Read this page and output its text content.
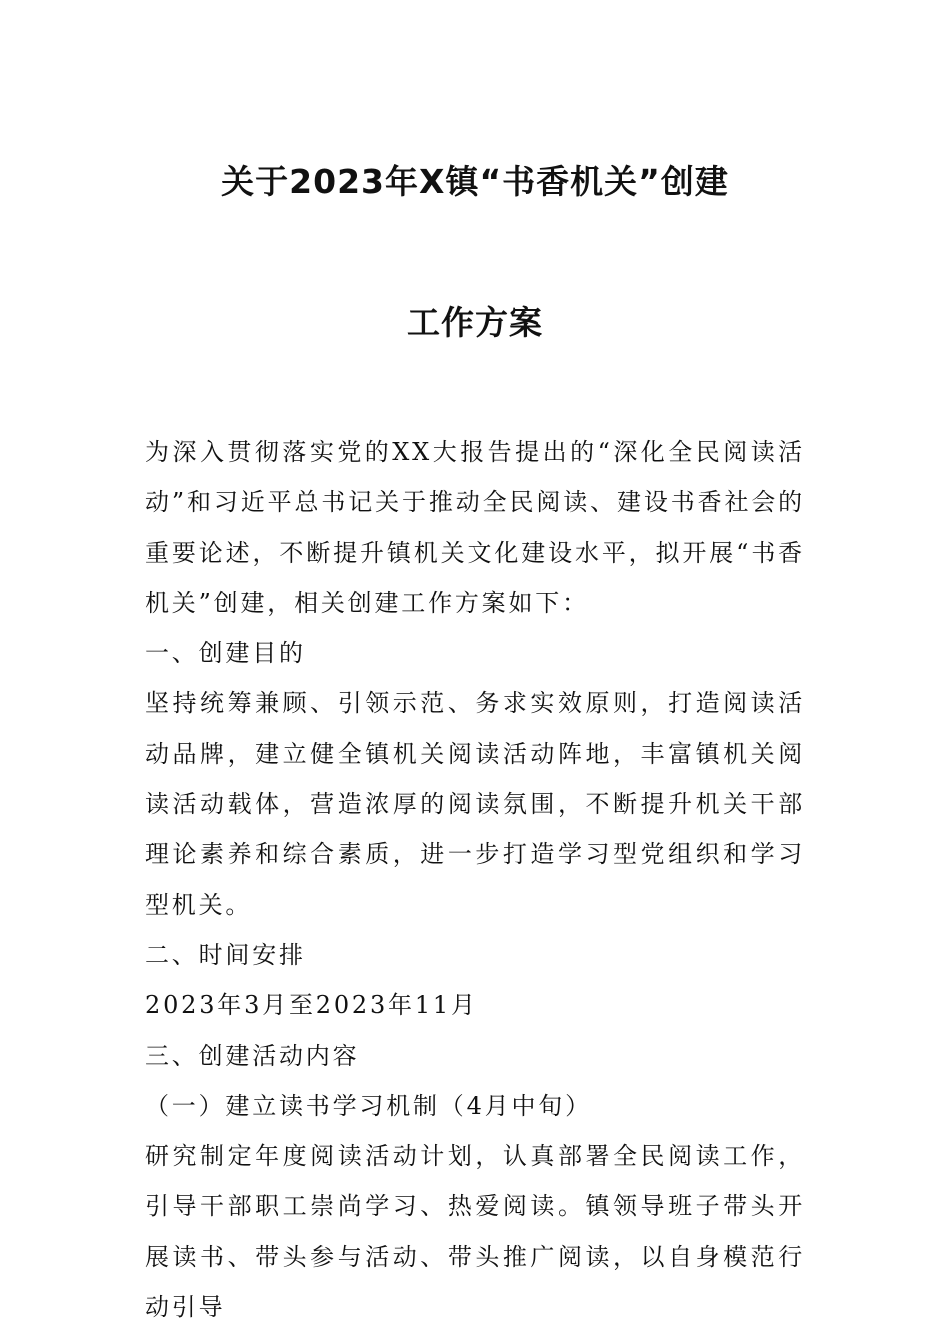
关于2023年X镇“书香机关”创建
工作方案

为深入贯彻落实党的XX大报告提出的“深化全民阅读活动”和习近平总书记关于推动全民阅读、建设书香社会的重要论述，不断提升镇机关文化建设水平，拟开展“书香机关”创建，相关创建工作方案如下：

一、创建目的

坚持统筹兼顾、引领示范、务求实效原则，打造阅读活动品牌，建立健全镇机关阅读活动阵地，丰富镇机关阅读活动载体，营造浓厚的阅读氛围，不断提升机关干部理论素养和综合素质，进一步打造学习型党组织和学习型机关。

二、时间安排

2023年3月至2023年11月

三、创建活动内容

（一）建立读书学习机制（4月中旬）

研究制定年度阅读活动计划，认真部署全民阅读工作，引导干部职工崇尚学习、热爱阅读。镇领导班子带头开展读书、带头参与活动、带头推广阅读，以自身模范行动引导
